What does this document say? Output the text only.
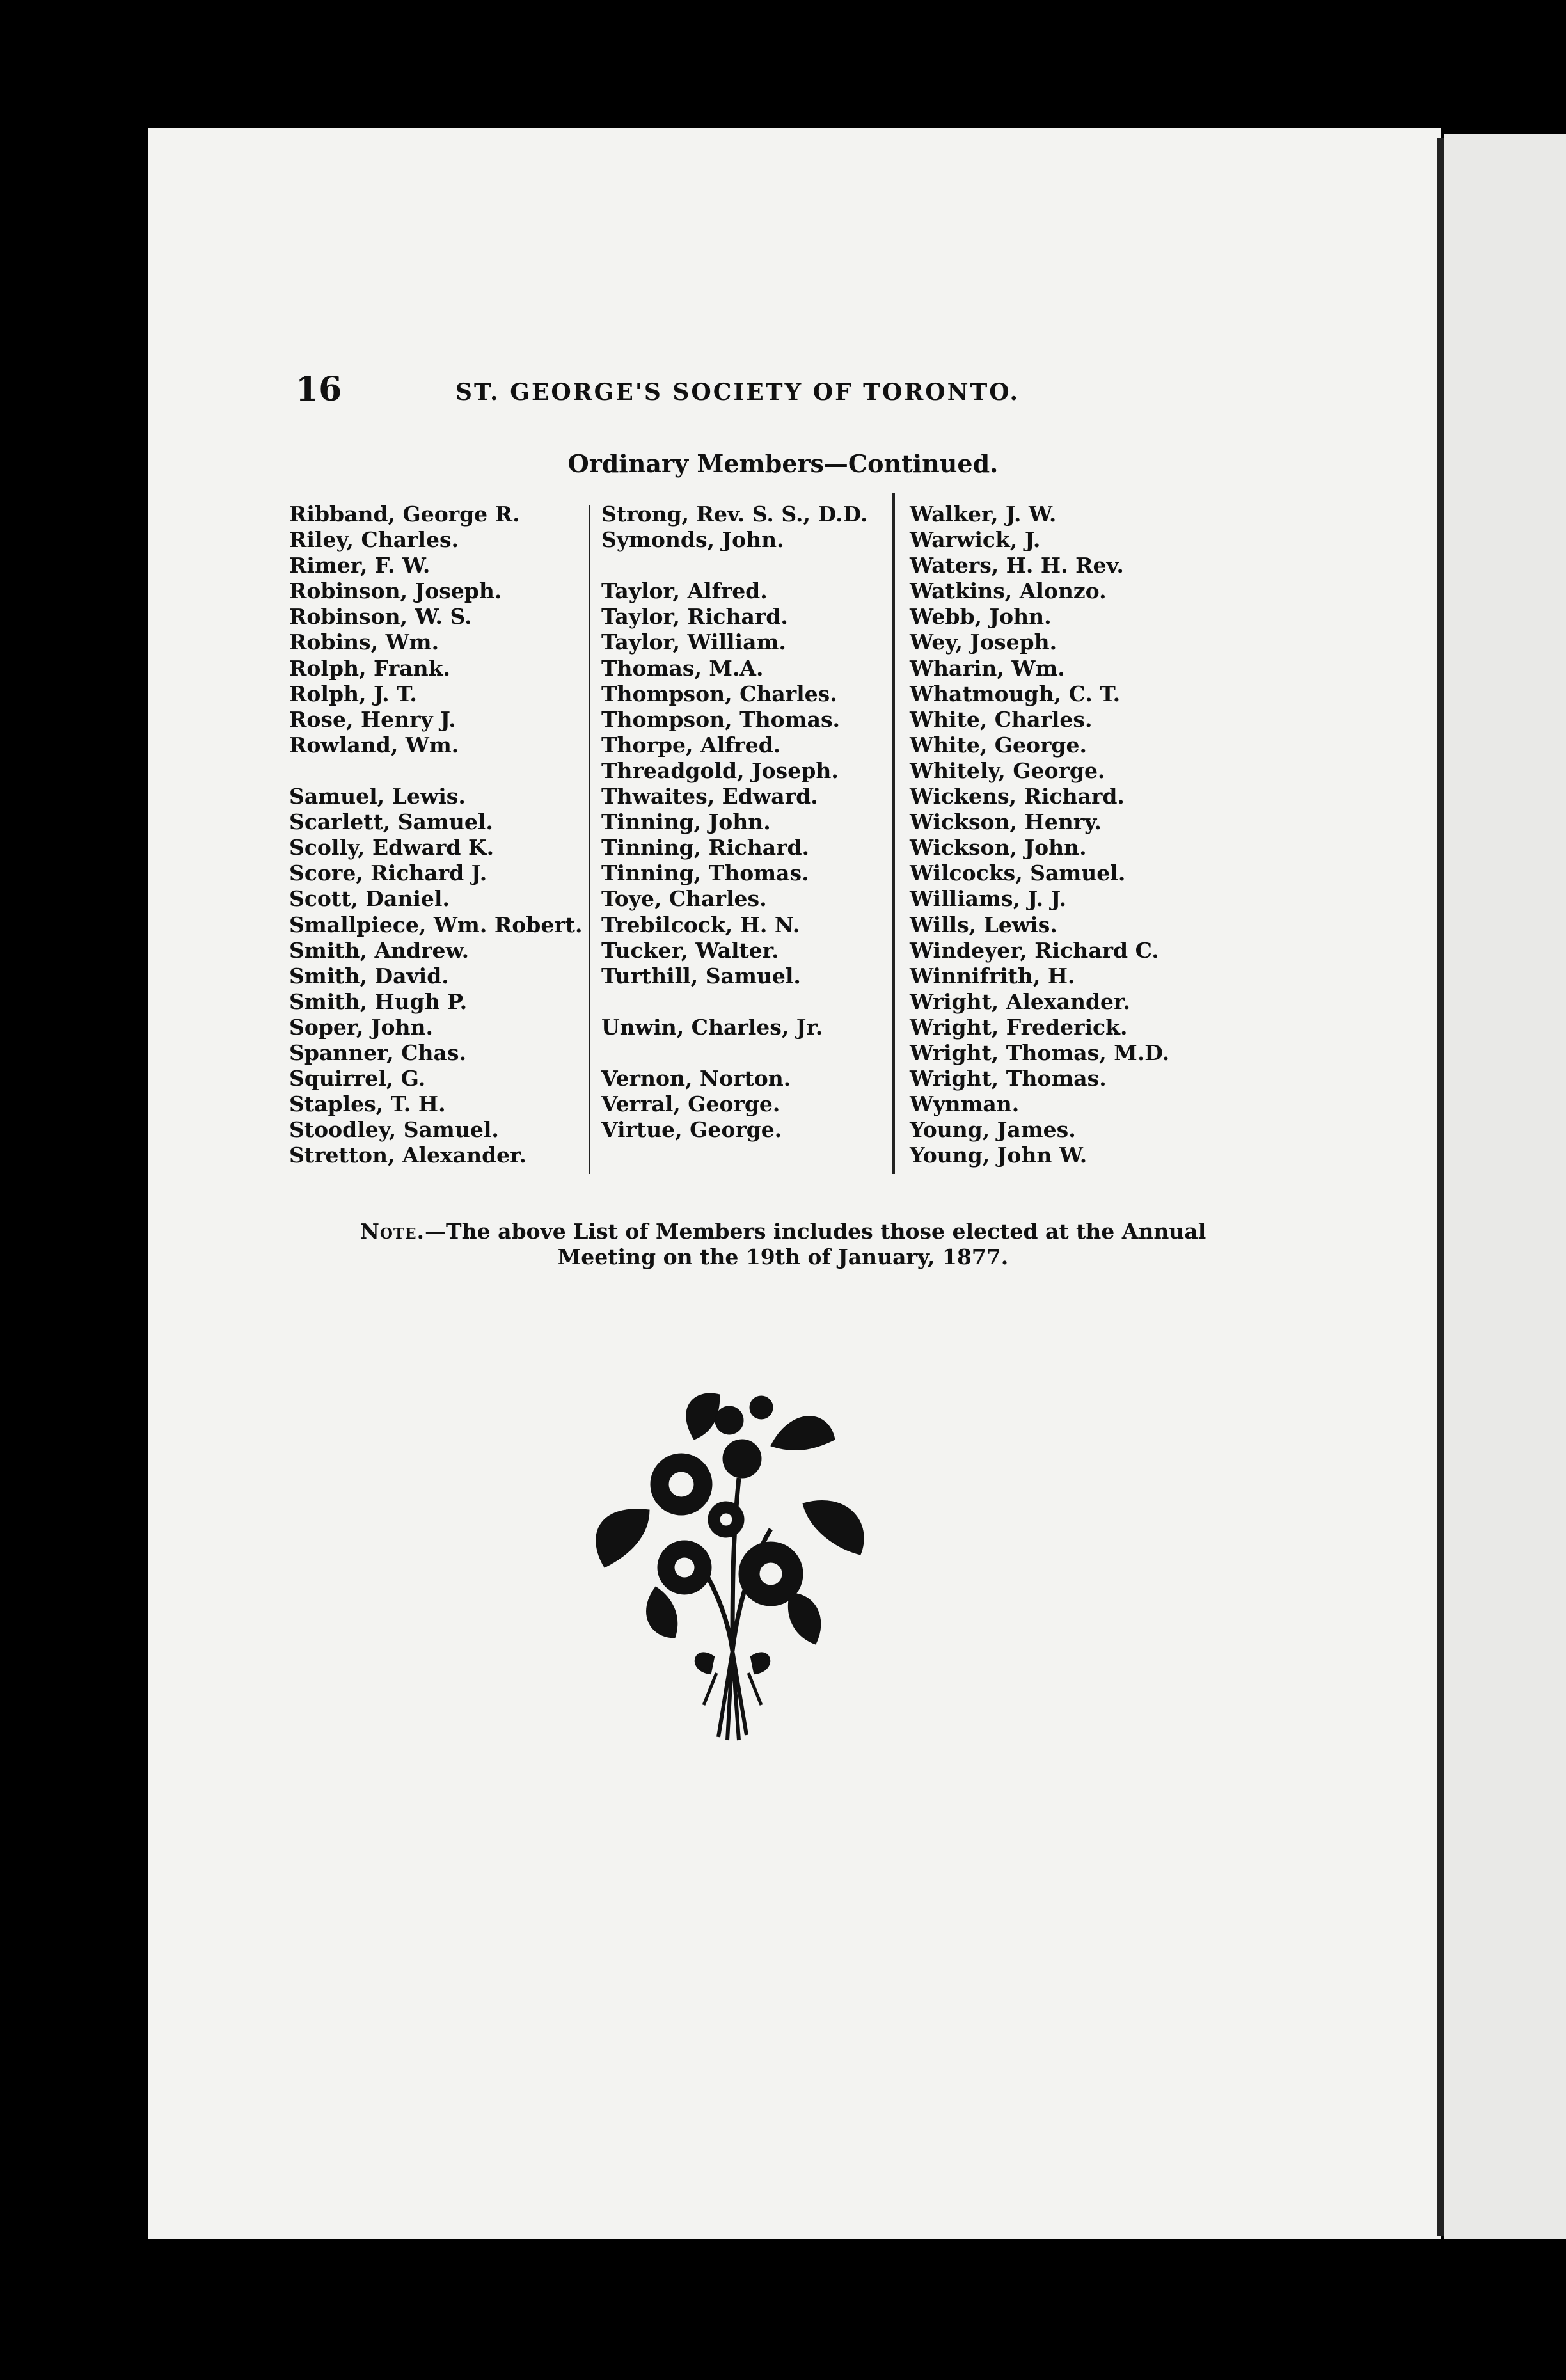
16	ST. GEORGE'S SOCIETY OF TORONTO.
Ordinary Members—Continued.
Ribband, George R.
Riley, Charles.
Rimer, F. W.
Robinson, Joseph.
Robinson, W. S.
Robins, Wm.
Rolph, Frank.
Rolph, J. T.
Rose, Henry J.
Rowland, Wm.
Samuel, Lewis.
Scarlett, Samuel.
Scolly, Edward K.
Score, Richard J.
Scott, Daniel.
Smallpiece, Wm. Robert.
Smith, Andrew.
Smith, David.
Smith, Hugh P.
Soper, John.
Spanner, Chas.
Squirrel, G.
Staples, T. H.
Stoodley, Samuel.
Stretton, Alexander.
Strong, Rev. S. S., D.D.
Symonds, John.
Taylor, Alfred.
Taylor, Richard.
Taylor, William.
Thomas, M.A.
Thompson, Charles.
Thompson, Thomas.
Thorpe, Alfred.
Threadgold, Joseph.
Thwaites, Edward.
Tinning, John.
Tinning, Richard.
Tinning, Thomas.
Toye, Charles.
Trebilcock, H. N.
Tucker, Walter.
Turthill, Samuel.
Unwin, Charles, Jr.
Vernon, Norton.
Verral, George.
Virtue, George.
Walker, J. W.
Warwick, J.
Waters, H. H. Rev.
Watkins, Alonzo.
Webb, John.
Wey, Joseph.
Wharin, Wm.
Whatmough, C. T.
White, Charles.
White, George.
Whitely, George.
Wickens, Richard.
Wickson, Henry.
Wickson, John.
Wilcocks, Samuel.
Williams, J. J.
Wills, Lewis.
Windeyer, Richard C.
Winnifrith, H.
Wright, Alexander.
Wright, Frederick.
Wright, Thomas, M.D.
Wright, Thomas.
Wynman.
Young, James.
Young, John W.
Note.—The above List of Members includes those elected at the Annual
Meeting on the 19th of January, 1877.
